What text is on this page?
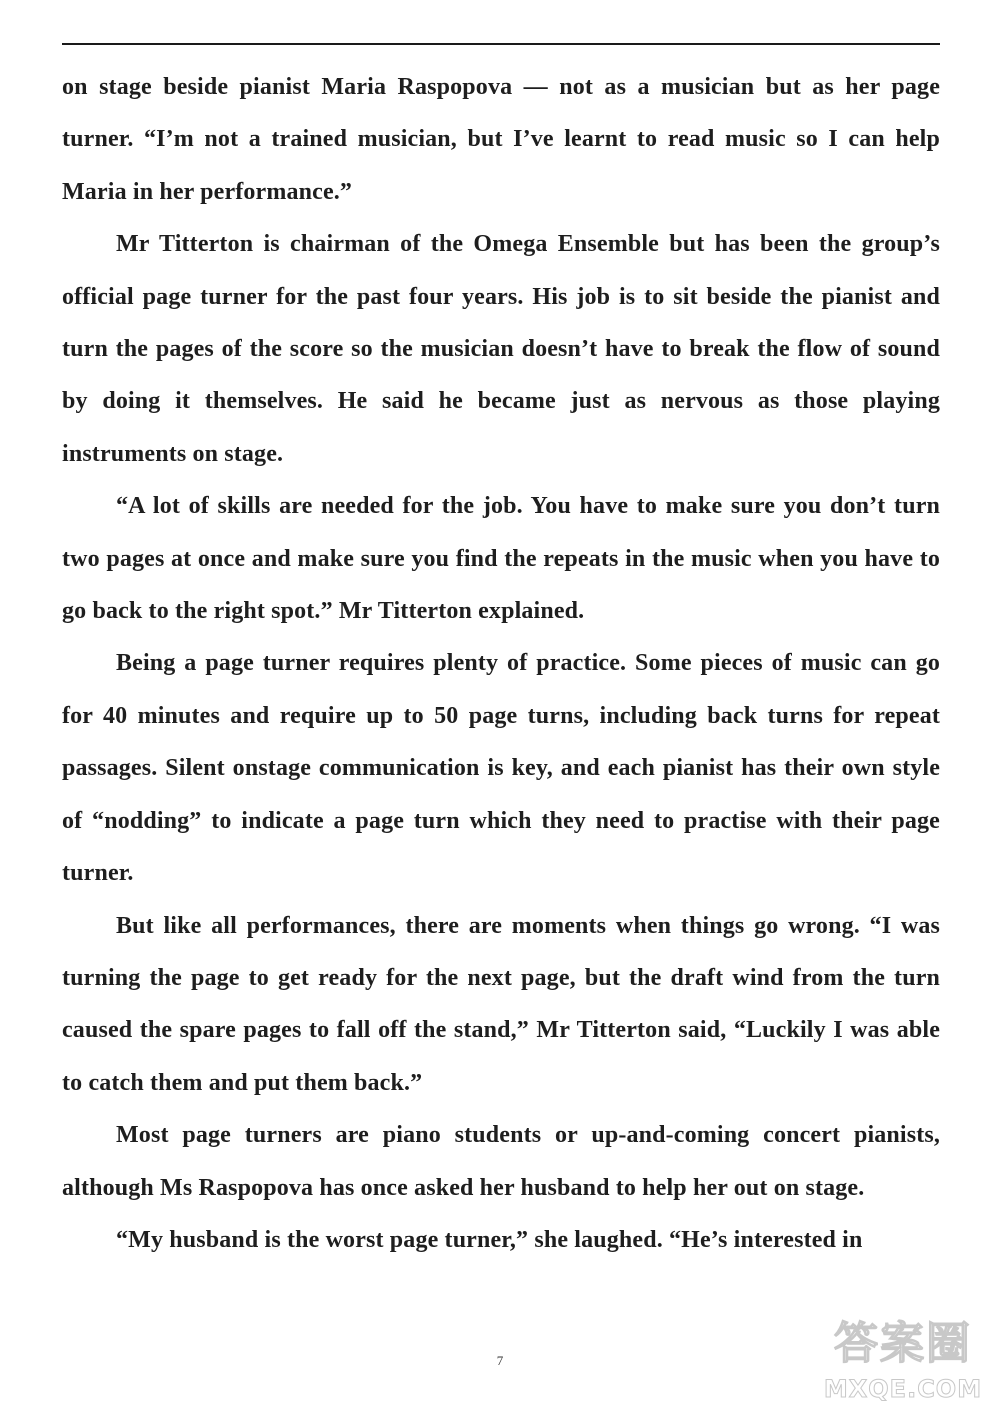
on stage beside pianist Maria Raspopova — not as a musician but as her page turner. “I’m not a trained musician, but I’ve learnt to read music so I can help Maria in her performance.”

Mr Titterton is chairman of the Omega Ensemble but has been the group’s official page turner for the past four years. His job is to sit beside the pianist and turn the pages of the score so the musician doesn’t have to break the flow of sound by doing it themselves. He said he became just as nervous as those playing instruments on stage.

“A lot of skills are needed for the job. You have to make sure you don’t turn two pages at once and make sure you find the repeats in the music when you have to go back to the right spot.” Mr Titterton explained.

Being a page turner requires plenty of practice. Some pieces of music can go for 40 minutes and require up to 50 page turns, including back turns for repeat passages. Silent onstage communication is key, and each pianist has their own style of “nodding” to indicate a page turn which they need to practise with their page turner.

But like all performances, there are moments when things go wrong. “I was turning the page to get ready for the next page, but the draft wind from the turn caused the spare pages to fall off the stand,” Mr Titterton said, “Luckily I was able to catch them and put them back.”

Most page turners are piano students or up-and-coming concert pianists, although Ms Raspopova has once asked her husband to help her out on stage.

“My husband is the worst page turner,” she laughed. “He’s interested in

7	答案圈
MXQE.COM
